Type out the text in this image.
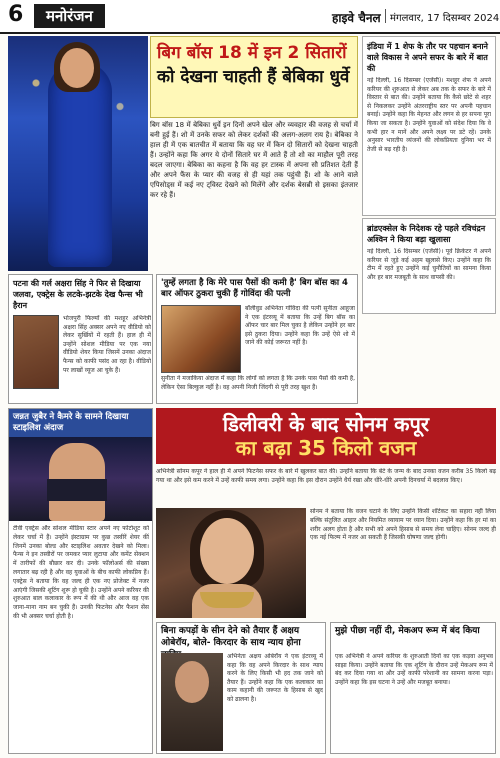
6	मनोरंजन	हाइवे चैनल मंगलवार, 17 दिसम्बर 2024
बिग बॉस 18 में इन 2 सितारों
को देखना चाहती हैं बेबिका धुर्वे
बिग बॉस 18 में बेबिका धुर्वे इन दिनों अपने खेल और व्यवहार की वजह से चर्चा में बनी हुई हैं। शो में उनके सफर को लेकर दर्शकों की अलग-अलग राय है। बेबिका ने हाल ही में एक बातचीत में बताया कि वह घर में किन दो सितारों को देखना चाहती हैं। उन्होंने कहा कि अगर ये दोनों सितारे घर में आते हैं तो शो का माहौल पूरी तरह बदल जाएगा। बेबिका का कहना है कि वह हर टास्क में अपना सौ प्रतिशत देती हैं और अपने फैंस के प्यार की वजह से ही यहां तक पहुंची हैं। शो के आने वाले एपिसोड्स में कई नए ट्विस्ट देखने को मिलेंगे और दर्शक बेसब्री से इसका इंतजार कर रहे हैं।
इंडिया में 1 शेफ के तौर पर पहचान बनाने वाले विकास ने अपने सफर के बारे में बात की
नई दिल्ली, 16 दिसम्बर (एजेंसी)। मशहूर शेफ ने अपने करियर की शुरुआत से लेकर अब तक के सफर के बारे में विस्तार से बात की। उन्होंने बताया कि कैसे छोटे से शहर से निकलकर उन्होंने अंतरराष्ट्रीय स्तर पर अपनी पहचान बनाई। उन्होंने कहा कि मेहनत और लगन से हर सपना पूरा किया जा सकता है। उन्होंने युवाओं को संदेश दिया कि वे कभी हार न मानें और अपने लक्ष्य पर डटे रहें। उनके अनुसार भारतीय व्यंजनों की लोकप्रियता दुनिया भर में तेजी से बढ़ रही है।
ब्रांडएक्सेल के निदेशक रहे पहले रविचंद्रन अश्विन ने किया बड़ा खुलासा
नई दिल्ली, 16 दिसम्बर (एजेंसी)। पूर्व क्रिकेटर ने अपने करियर से जुड़े कई अहम खुलासे किए। उन्होंने कहा कि टीम में रहते हुए उन्होंने कई चुनौतियों का सामना किया और हर बार मजबूती के साथ वापसी की।
पटना की गर्ल अक्षरा सिंह ने फिर से दिखाया जलवा, एक्ट्रेस के लटके-झटके देख फैन्स भी हैरान
भोजपुरी फिल्मों की मशहूर अभिनेत्री अक्षरा सिंह अक्सर अपने नए वीडियो को लेकर सुर्खियों में रहती हैं। हाल ही में उन्होंने सोशल मीडिया पर एक नया वीडियो शेयर किया जिसमें उनका अंदाज फैन्स को काफी पसंद आ रहा है। वीडियो पर लाखों व्यूज आ चुके हैं।
'तुम्हें लगता है कि मेरे पास पैसों की कमी है' बिग बॉस का 4 बार ऑफर ठुकरा चुकी हैं गोविंदा की पत्नी
बॉलीवुड अभिनेता गोविंदा की पत्नी सुनीता आहूजा ने एक इंटरव्यू में बताया कि उन्हें बिग बॉस का ऑफर चार बार मिल चुका है लेकिन उन्होंने हर बार इसे ठुकरा दिया। उन्होंने कहा कि उन्हें ऐसे शो में जाने की कोई जरूरत नहीं है।
सुनीता ने मजाकिया अंदाज में कहा कि लोगों को लगता है कि उनके पास पैसों की कमी है, लेकिन ऐसा बिल्कुल नहीं है। वह अपनी निजी जिंदगी से पूरी तरह खुश हैं।
जन्नत जुबैर ने कैमरे के सामने दिखाया स्टाइलिश अंदाज
टीवी एक्ट्रेस और सोशल मीडिया स्टार अपने नए फोटोशूट को लेकर चर्चा में हैं। उन्होंने इंस्टाग्राम पर कुछ तस्वीरें शेयर कीं जिनमें उनका बोल्ड और स्टाइलिश अवतार देखने को मिला। फैन्स ने इन तस्वीरों पर जमकर प्यार लुटाया और कमेंट सेक्शन में तारीफों की बौछार कर दी। उनके फॉलोअर्स की संख्या लगातार बढ़ रही है और वह युवाओं के बीच काफी लोकप्रिय हैं। एक्ट्रेस ने बताया कि वह जल्द ही एक नए प्रोजेक्ट में नजर आएंगी जिसकी शूटिंग शुरू हो चुकी है। उन्होंने अपने करियर की शुरुआत बाल कलाकार के रूप में की थी और आज वह एक जाना-माना नाम बन चुकी हैं। उनकी फिटनेस और फैशन सेंस की भी अक्सर चर्चा होती है।
डिलीवरी के बाद सोनम कपूर
का बढ़ा 35 किलो वजन
अभिनेत्री सोनम कपूर ने हाल ही में अपने फिटनेस सफर के बारे में खुलकर बात की। उन्होंने बताया कि बेटे के जन्म के बाद उनका वजन करीब 35 किलो बढ़ गया था और इसे कम करने में उन्हें काफी समय लगा। उन्होंने कहा कि इस दौरान उन्होंने धैर्य रखा और धीरे-धीरे अपनी दिनचर्या में बदलाव किए।
सोनम ने बताया कि वजन घटाने के लिए उन्होंने किसी शॉर्टकट का सहारा नहीं लिया बल्कि संतुलित आहार और नियमित व्यायाम पर ध्यान दिया। उन्होंने कहा कि हर मां का शरीर अलग होता है और सभी को अपने हिसाब से समय लेना चाहिए। सोनम जल्द ही एक नई फिल्म में नजर आ सकती हैं जिसकी घोषणा जल्द होगी।
बिना कपड़ों के सीन देने को तैयार हैं अक्षय ओबेरॉय, बोले- किरदार के साथ न्याय होना
अभिनेता अक्षय ओबेरॉय ने एक इंटरव्यू में कहा कि वह अपने किरदार के साथ न्याय करने के लिए किसी भी हद तक जाने को तैयार हैं। उन्होंने कहा कि एक कलाकार का काम कहानी की जरूरत के हिसाब से खुद को ढालना है।
मुझे पीछा नहीं दी, मेकअप रूम में बंद किया
एक अभिनेत्री ने अपने करियर के शुरुआती दिनों का एक कड़वा अनुभव साझा किया। उन्होंने बताया कि एक शूटिंग के दौरान उन्हें मेकअप रूम में बंद कर दिया गया था और उन्हें काफी परेशानी का सामना करना पड़ा। उन्होंने कहा कि इस घटना ने उन्हें और मजबूत बनाया।
